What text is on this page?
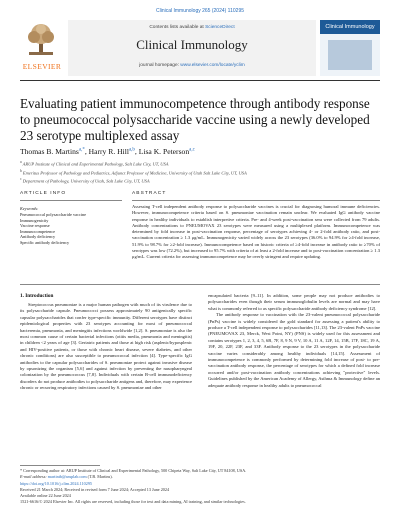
Clinical Immunology 265 (2024) 110295
ELSEVIER
Contents lists available at ScienceDirect
Clinical Immunology
journal homepage: www.elsevier.com/locate/yclim
Clinical Immunology
Evaluating patient immunocompetence through antibody response to pneumococcal polysaccharide vaccine using a newly developed 23 serotype multiplexed assay
Thomas B. Martins$^{a,*}$, Harry R. Hill$^{a,b}$, Lisa K. Peterson$^{a,c}$
$^a$ ARUP Institute of Clinical and Experimental Pathology, Salt Lake City, UT, USA
$^b$ Emeritus Professor of Pathology and Pediatrics, Adjunct Professor of Medicine, University of Utah Salt Lake City, UT, USA
$^c$ Department of Pathology, University of Utah, Salt Lake City, UT, USA
ARTICLE INFO	ABSTRACT
Keywords:
Pneumococcal polysaccharide vaccine
Immunogenicity
Vaccine response
Immunocompetence
Antibody deficiency
Specific antibody deficiency
Assessing T-cell independent antibody response to polysaccharide vaccines is crucial for diagnosing humoral immune deficiencies. However, immunocompetence criteria based on S. pneumoniae vaccination remain unclear. We evaluated IgG antibody vaccine response in healthy individuals to establish interpretive criteria. Pre- and 4-week post-vaccination sera were collected from 79 adults. Antibody concentrations to PNEUMOVAX 23 serotypes were measured using a multiplexed platform. Immunocompetence was determined by fold increase in post-vaccination response, percentage of serotypes achieving 4- or 2-fold antibody ratio, and post-vaccination concentration ≥ 1.3 μg/mL. Immunogenicity varied widely across the 23 serotypes (36.0% to 94.9% for ≥4-fold increase, 51.9% to 98.7% for ≥2-fold increase). Immunocompetence based on historic criteria of ≥4-fold increase in antibody ratio to ≥70% of serotypes was low (72.2%), but increased to 95.7% with criteria of at least a 2-fold increase and to post-vaccination concentration ≥ 1.3 μg/mL. Current criteria for assessing immunocompetence may be overly stringent and require updating.
1. Introduction

Streptococcus pneumoniae is a major human pathogen with much of its virulence due to its polysaccharide capsule. Pneumococci possess approximately 90 antigenically specific capsular polysaccharides that confer type-specific immunity. Different serotypes have distinct epidemiological properties with 23 serotypes accounting for most of pneumococcal bacteremia, pneumonia, and meningitis infections worldwide [1,2]. S. pneumoniae is also the most common cause of certain bacterial infections (otitis media, pneumonia and meningitis) in children <2 years of age [3]. Geriatric patients and those at high risk (asplenic/hyposplenic and HIV-positive patients, or those with chronic heart disease, severe diabetes, and other chronic conditions) are also susceptible to pneumococcal infection [4]. Type-specific IgG antibodies to the capsular polysaccharides of S. pneumoniae protect against invasive disease by opsonizing the organism [5,6] and against infection by preventing the nasopharyngeal colonization by the pneumococcus [7,8]. Individuals with certain B-cell immunodeficiency disorders do not produce antibodies to polysaccharide antigens and, therefore, may experience chronic or recurring respiratory infections caused by S. pneumoniae and other

encapsulated bacteria [9–11]. In addition, some people may not produce antibodies to polysaccharides even though their serum immunoglobulin levels are normal and may have what is commonly referred to as specific polysaccharide antibody deficiency syndrome [12].

The antibody response to vaccination with the 23-valent pneumococcal polysaccharide (PnPs) vaccine is widely considered the gold standard for assessing a patient's ability to produce a T-cell independent response to polysaccharides [11,13]. The 23-valent PnPs vaccine (PNEUMOVAX 23, Merck, West Point, NY) (PNS) is widely used for this assessment and contains serotypes 1, 2, 3, 4, 5, 6B, 7F, 8, 9 N, 9 V, 10 A, 11 A, 12F, 14, 15B, 17F, 18C, 19 A, 19F, 20, 22F, 23F, and 33F. Antibody response to the 23 serotypes in the polysaccharide vaccine varies considerably among healthy individuals [14,15]. Assessment of immunocompetence is commonly performed by determining fold increase of post- to pre-vaccination antibody response, the percentage of serotypes for which a defined fold increase occurred and/or post-vaccination antibody concentrations achieving "protective" levels. Guidelines published by the American Academy of Allergy, Asthma & Immunology define an adequate antibody response in healthy adults to pneumococcal

* Corresponding author at: ARUP Institute of Clinical and Experimental Pathology, 500 Chipeta Way, Salt Lake City, UT 84108, USA.
E-mail address: martintb@aruplab.com (T.B. Martins).
https://doi.org/10.1016/j.clim.2024.110295
Received 21 March 2024; Received in revised form 7 June 2024; Accepted 13 June 2024
Available online 22 June 2024
1521-6616/© 2024 Elsevier Inc. All rights are reserved, including those for text and data mining, AI training, and similar technologies.
